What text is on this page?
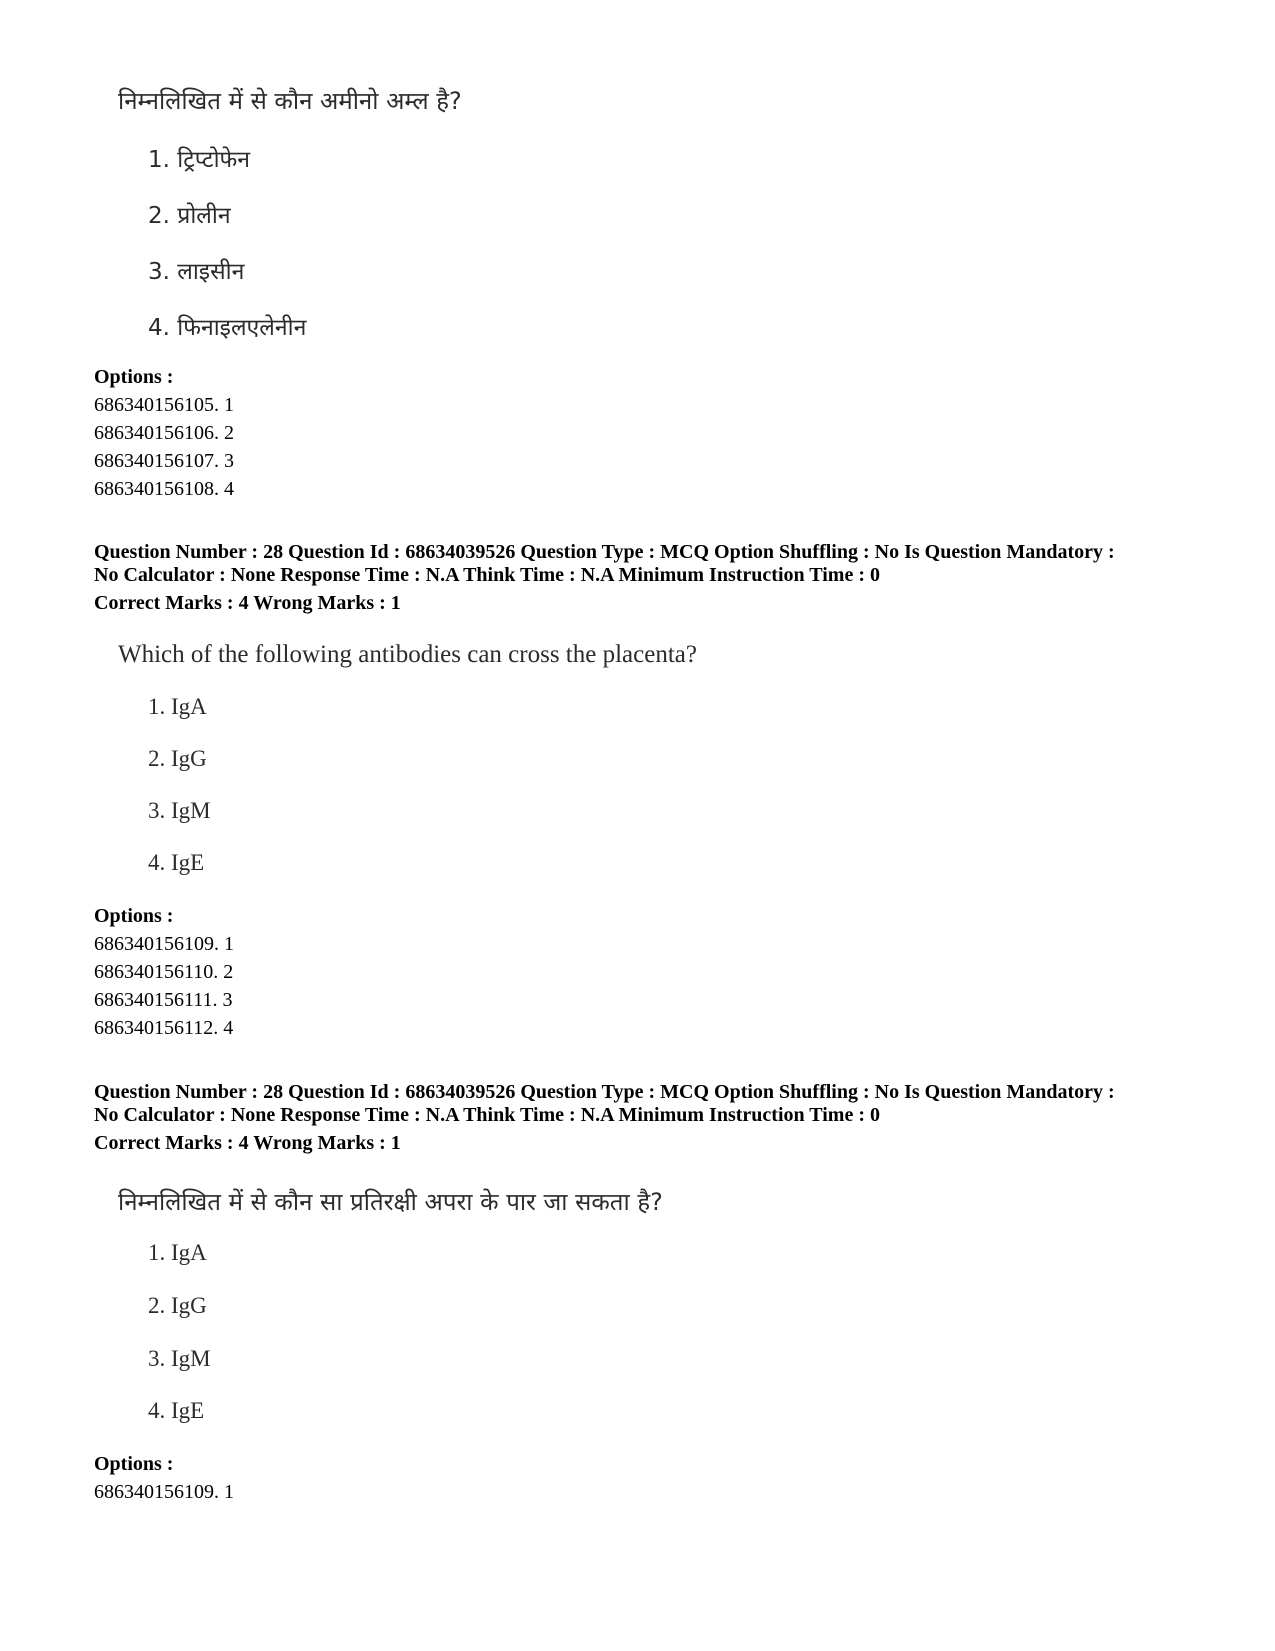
निम्नलिखित में से कौन अमीनो अम्ल है?
1. ट्रिप्टोफेन
2. प्रोलीन
3. लाइसीन
4. फिनाइलएलेनीन
Options :
686340156105. 1
686340156106. 2
686340156107. 3
686340156108. 4
Question Number : 28 Question Id : 68634039526 Question Type : MCQ Option Shuffling : No Is Question Mandatory :
No Calculator : None Response Time : N.A Think Time : N.A Minimum Instruction Time : 0
Correct Marks : 4 Wrong Marks : 1
Which of the following antibodies can cross the placenta?
1. IgA
2. IgG
3. IgM
4. IgE
Options :
686340156109. 1
686340156110. 2
686340156111. 3
686340156112. 4
Question Number : 28 Question Id : 68634039526 Question Type : MCQ Option Shuffling : No Is Question Mandatory :
No Calculator : None Response Time : N.A Think Time : N.A Minimum Instruction Time : 0
Correct Marks : 4 Wrong Marks : 1
निम्नलिखित में से कौन सा प्रतिरक्षी अपरा के पार जा सकता है?
1. IgA
2. IgG
3. IgM
4. IgE
Options :
686340156109. 1
